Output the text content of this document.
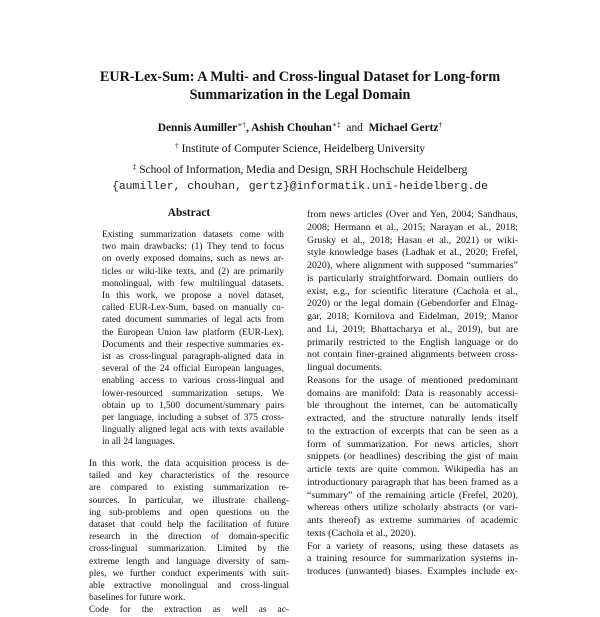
EUR-Lex-Sum: A Multi- and Cross-lingual Dataset for Long-form
Summarization in the Legal Domain
Dennis Aumiller∗†, Ashish Chouhan∗‡  and  Michael Gertz†
† Institute of Computer Science, Heidelberg University
‡ School of Information, Media and Design, SRH Hochschule Heidelberg
{aumiller, chouhan, gertz}@informatik.uni-heidelberg.de
Abstract
Existing summarization datasets come with
two main drawbacks: (1) They tend to focus
on overly exposed domains, such as news ar-
ticles or wiki-like texts, and (2) are primarily
monolingual, with few multilingual datasets.
In this work, we propose a novel dataset,
called EUR-Lex-Sum, based on manually cu-
rated document summaries of legal acts from
the European Union law platform (EUR-Lex).
Documents and their respective summaries ex-
ist as cross-lingual paragraph-aligned data in
several of the 24 official European languages,
enabling access to various cross-lingual and
lower-resourced summarization setups. We
obtain up to 1,500 document/summary pairs
per language, including a subset of 375 cross-
lingually aligned legal acts with texts available
in all 24 languages.
In this work, the data acquisition process is de-
tailed and key characteristics of the resource
are compared to existing summarization re-
sources. In particular, we illustrate challeng-
ing sub-problems and open questions on the
dataset that could help the facilitation of future
research in the direction of domain-specific
cross-lingual summarization. Limited by the
extreme length and language diversity of sam-
ples, we further conduct experiments with suit-
able extractive monolingual and cross-lingual
baselines for future work.
Code for the extraction as well as ac-
from news articles (Over and Yen, 2004; Sandhaus,
2008; Hermann et al., 2015; Narayan et al., 2018;
Grusky et al., 2018; Hasan et al., 2021) or wiki-
style knowledge bases (Ladhak et al., 2020; Frefel,
2020), where alignment with supposed “summaries”
is particularly straightforward. Domain outliers do
exist, e.g., for scientific literature (Cachola et al.,
2020) or the legal domain (Gebendorfer and Elnag-
gar, 2018; Kornilova and Eidelman, 2019; Manor
and Li, 2019; Bhattacharya et al., 2019), but are
primarily restricted to the English language or do
not contain finer-grained alignments between cross-
lingual documents.
Reasons for the usage of mentioned predominant
domains are manifold: Data is reasonably accessi-
ble throughout the internet, can be automatically
extracted, and the structure naturally lends itself
to the extraction of excerpts that can be seen as a
form of summarization. For news articles, short
snippets (or headlines) describing the gist of main
article texts are quite common. Wikipedia has an
introductionary paragraph that has been framed as a
“summary” of the remaining article (Frefel, 2020),
whereas others utilize scholarly abstracts (or vari-
ants thereof) as extreme summaries of academic
texts (Cachola et al., 2020).
For a variety of reasons, using these datasets as
a training resource for summarization systems in-
troduces (unwanted) biases. Examples include ex-
